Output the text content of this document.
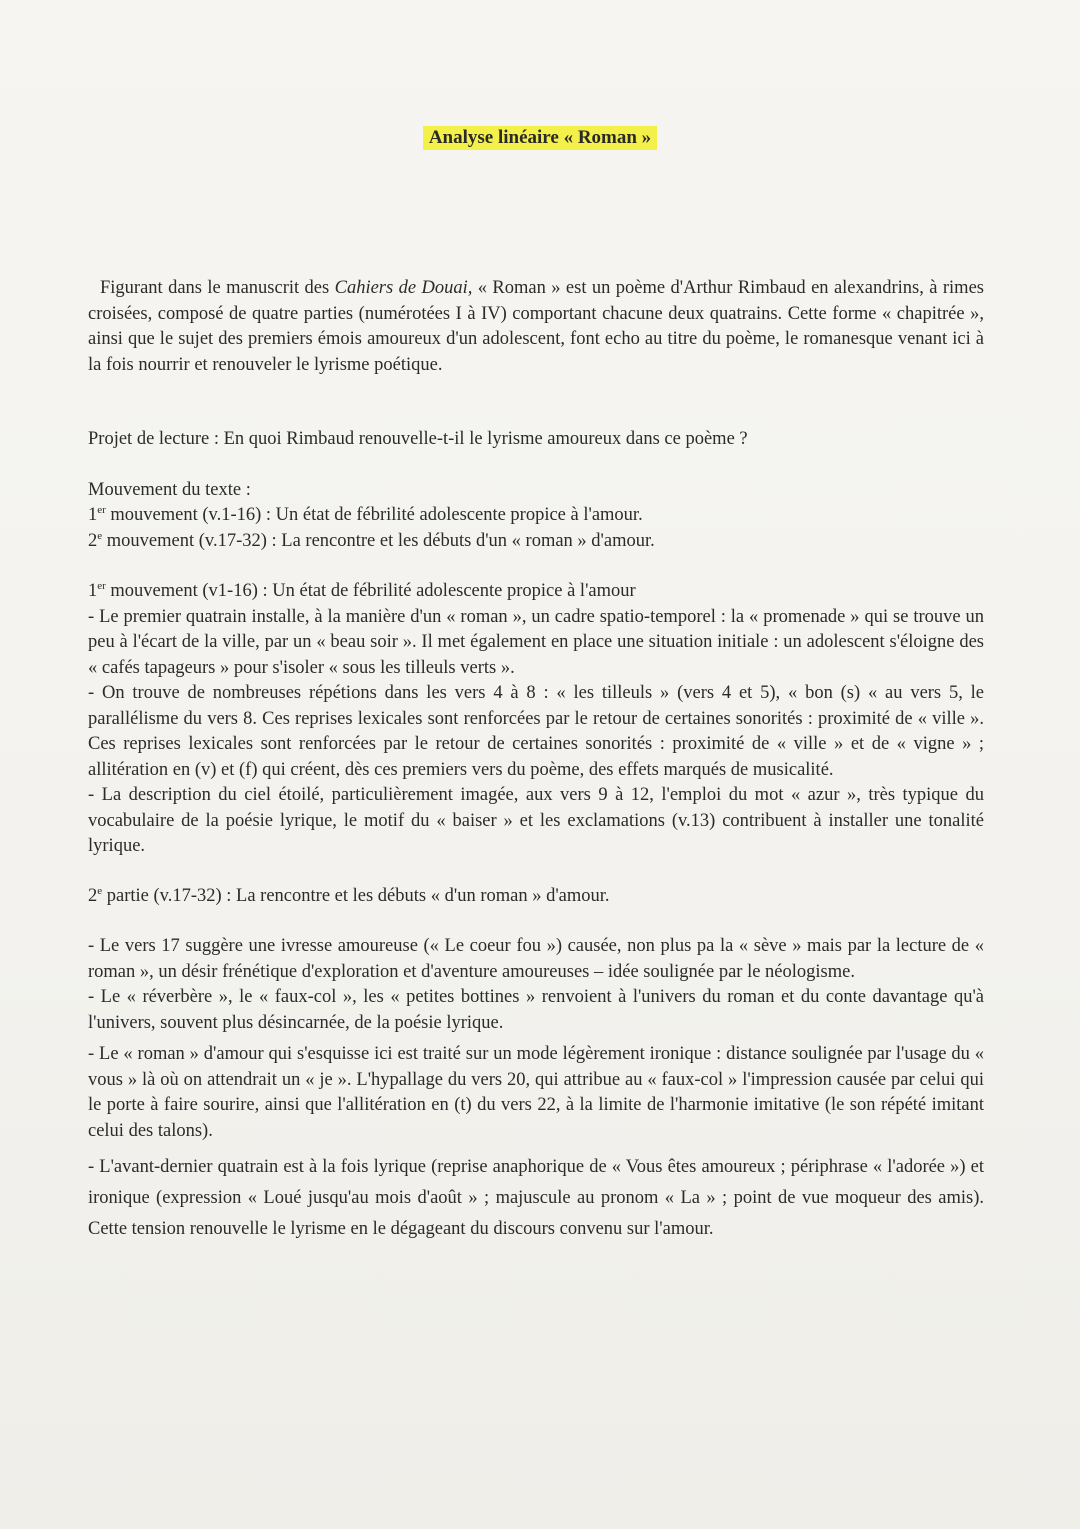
Analyse linéaire « Roman »

Figurant dans le manuscrit des Cahiers de Douai, « Roman » est un poème d'Arthur Rimbaud en alexandrins, à rimes croisées, composé de quatre parties (numérotées I à IV) comportant chacune deux quatrains. Cette forme « chapitrée », ainsi que le sujet des premiers émois amoureux d'un adolescent, font echo au titre du poème, le romanesque venant ici à la fois nourrir et renouveler le lyrisme poétique.

Projet de lecture : En quoi Rimbaud renouvelle-t-il le lyrisme amoureux dans ce poème ?

Mouvement du texte :

1er mouvement (v.1-16) : Un état de fébrilité adolescente propice à l'amour.

2e mouvement (v.17-32) : La rencontre et les débuts d'un « roman » d'amour.

1er mouvement (v1-16) : Un état de fébrilité adolescente propice à l'amour

- Le premier quatrain installe, à la manière d'un « roman », un cadre spatio-temporel : la « promenade » qui se trouve un peu à l'écart de la ville, par un « beau soir ». Il met également en place une situation initiale : un adolescent s'éloigne des « cafés tapageurs » pour s'isoler « sous les tilleuls verts ».

- On trouve de nombreuses répétions dans les vers 4 à 8 : « les tilleuls » (vers 4 et 5), « bon (s) « au vers 5, le parallélisme du vers 8. Ces reprises lexicales sont renforcées par le retour de certaines sonorités : proximité de « ville ». Ces reprises lexicales sont renforcées par le retour de certaines sonorités : proximité de « ville » et de « vigne » ; allitération en (v) et (f) qui créent, dès ces premiers vers du poème, des effets marqués de musicalité.

- La description du ciel étoilé, particulièrement imagée, aux vers 9 à 12, l'emploi du mot « azur », très typique du vocabulaire de la poésie lyrique, le motif du « baiser » et les exclamations (v.13) contribuent à installer une tonalité lyrique.

2e partie (v.17-32) : La rencontre et les débuts « d'un roman » d'amour.

- Le vers 17 suggère une ivresse amoureuse (« Le coeur fou ») causée, non plus pa la « sève » mais par la lecture de « roman », un désir frénétique d'exploration et d'aventure amoureuses – idée soulignée par le néologisme.

- Le « réverbère », le « faux-col », les « petites bottines » renvoient à l'univers du roman et du conte davantage qu'à l'univers, souvent plus désincarnée, de la poésie lyrique.

- Le « roman » d'amour qui s'esquisse ici est traité sur un mode légèrement ironique : distance soulignée par l'usage du « vous » là où on attendrait un « je ». L'hypallage du vers 20, qui attribue au « faux-col » l'impression causée par celui qui le porte à faire sourire, ainsi que l'allitération en (t) du vers 22, à la limite de l'harmonie imitative (le son répété imitant celui des talons).

- L'avant-dernier quatrain est à la fois lyrique (reprise anaphorique de « Vous êtes amoureux ; périphrase « l'adorée ») et ironique (expression « Loué jusqu'au mois d'août » ; majuscule au pronom « La » ; point de vue moqueur des amis). Cette tension renouvelle le lyrisme en le dégageant du discours convenu sur l'amour.
